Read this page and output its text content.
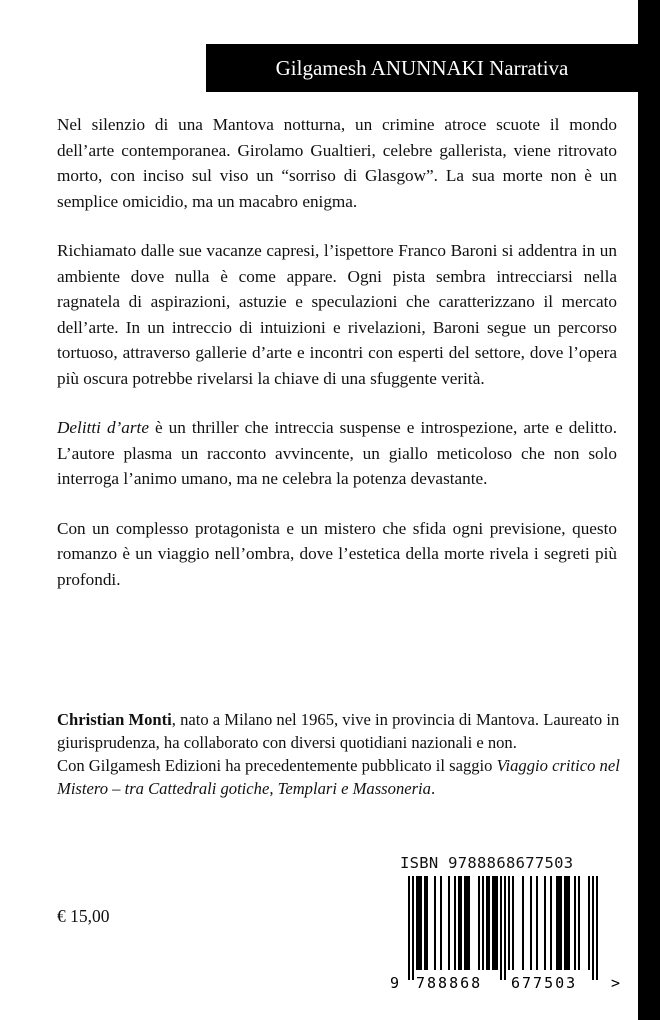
Gilgamesh ANUNNAKI Narrativa

Nel silenzio di una Mantova notturna, un crimine atroce scuote il mondo dell’arte contemporanea. Girolamo Gualtieri, celebre gallerista, viene ritrovato morto, con inciso sul viso un “sorriso di Glasgow”. La sua morte non è un semplice omicidio, ma un macabro enigma.

Richiamato dalle sue vacanze capresi, l’ispettore Franco Baroni si addentra in un ambiente dove nulla è come appare. Ogni pista sembra intrecciarsi nella ragnatela di aspirazioni, astuzie e speculazioni che caratterizzano il mercato dell’arte. In un intreccio di intuizioni e rivelazioni, Baroni segue un percorso tortuoso, attraverso gallerie d’arte e incontri con esperti del settore, dove l’opera più oscura potrebbe rivelarsi la chiave di una sfuggente verità.

Delitti d’arte è un thriller che intreccia suspense e introspezione, arte e delitto. L’autore plasma un racconto avvincente, un giallo meticoloso che non solo interroga l’animo umano, ma ne celebra la potenza devastante.

Con un complesso protagonista e un mistero che sfida ogni previsione, questo romanzo è un viaggio nell’ombra, dove l’estetica della morte rivela i segreti più profondi.

Christian Monti, nato a Milano nel 1965, vive in provincia di Mantova. Laureato in giurisprudenza, ha collaborato con diversi quotidiani nazionali e non.

Con Gilgamesh Edizioni ha precedentemente pubblicato il saggio Viaggio critico nel Mistero – tra Cattedrali gotiche, Templari e Massoneria.

€ 15,00
ISBN 9788868677503
9 788868 677503 >
